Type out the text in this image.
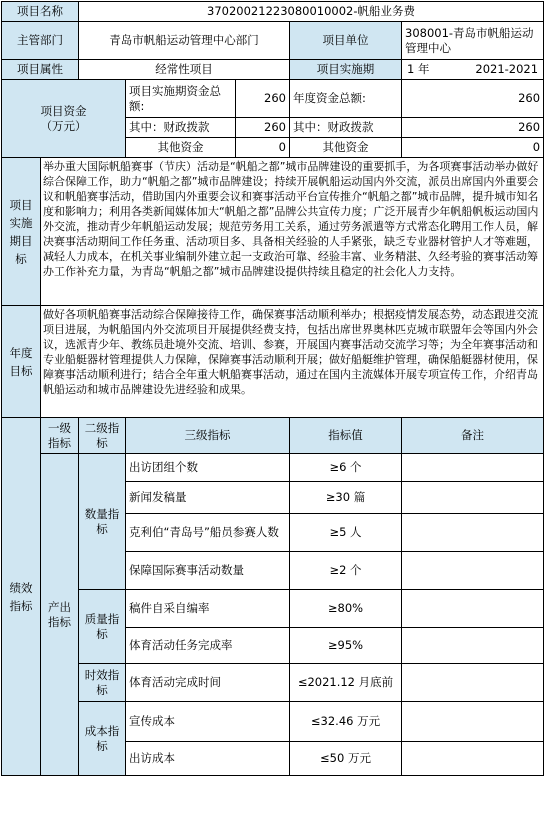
项目名称		37020021223080010002-帆船业务费				
主管部门		青岛市帆船运动管理中心部门			项目单位	308001-青岛市帆船运动管理中心
项目属性		经常性项目			项目实施期	1 年 2021-2021

项目资金
（万元）			项目实施期资金总额:	260	年度资金总额:	260
			其中：财政拨款	260	其中：财政拨款	260
			其他资金	0	其他资金	0
项目实施期目标	举办重大国际帆船赛事（节庆）活动是“帆船之都”城市品牌建设的重要抓手，为各项赛事活动举办做好综合保障工作，助力“帆船之都”城市品牌建设；持续开展帆船运动国内外交流，派员出席国内外重要会议和帆船赛事活动，借助国内外重要会议和赛事活动平台宣传推介“帆船之都”城市品牌，提升城市知名度和影响力；利用各类新闻媒体加大“帆船之都”品牌公共宣传力度；广泛开展青少年帆船帆板运动国内外交流，推动青少年帆船运动发展；规范劳务用工关系，通过劳务派遣等方式常态化聘用工作人员，解决赛事活动期间工作任务重、活动项目多、具备相关经验的人手紧张，缺乏专业器材管护人才等难题，减轻人力成本，在机关事业编制外建立起一支政治可靠、经验丰富、业务精湛、久经考验的赛事活动筹办工作补充力量，为青岛“帆船之都”城市品牌建设提供持续且稳定的社会化人力支持。					
年度目标	做好各项帆船赛事活动综合保障接待工作，确保赛事活动顺利举办；根据疫情发展态势，动态跟进交流项目进展，为帆船国内外交流项目开展提供经费支持，包括出席世界奥林匹克城市联盟年会等国内外会议，选派青少年、教练员赴境外交流、培训、参赛，开展国内赛事活动交流学习等；为全年赛事活动和专业船艇器材管理提供人力保障，保障赛事活动顺利开展；做好船艇维护管理，确保船艇器材使用，保障赛事活动顺利进行；结合全年重大帆船赛事活动，通过在国内主流媒体开展专项宣传工作，介绍青岛帆船运动和城市品牌建设先进经验和成果。					
绩效指标	一级指标	二级指标	三级指标		指标值	备注
	产出指标	数量指标	出访团组个数		≥6 个	
			新闻发稿量		≥30 篇	
			克利伯“青岛号”船员参赛人数		≥5 人	
			保障国际赛事活动数量		≥2 个	
		质量指标	稿件自采自编率		≥80%	
			体育活动任务完成率		≥95%	
		时效指标	体育活动完成时间		≤2021.12 月底前	
		成本指标	宣传成本		≤32.46 万元	
			出访成本		≤50 万元	
